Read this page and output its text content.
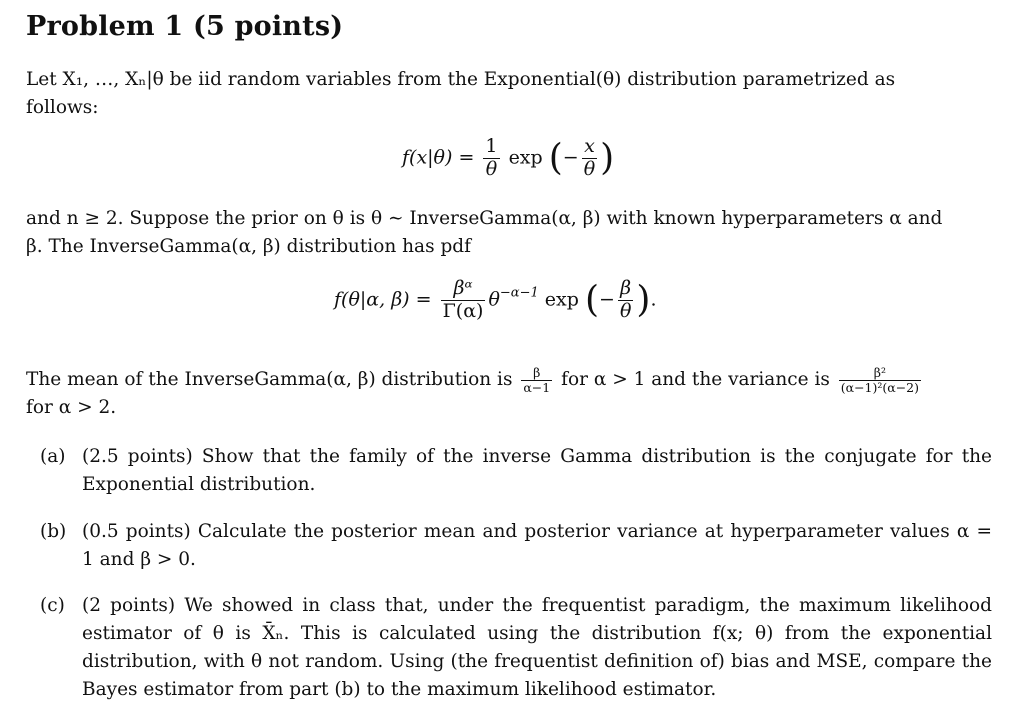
Problem 1 (5 points)
Let X₁, …, Xₙ|θ be iid random variables from the Exponential(θ) distribution parametrized as
follows:
$f(x|\theta) = \frac{1}{\theta}$ exp (− $\frac{x}{\theta}$ )
and n ≥ 2. Suppose the prior on θ is θ ∼ InverseGamma(α, β) with known hyperparameters α and
β. The InverseGamma(α, β) distribution has pdf
f(θ|α, $\beta) = \frac{\text{βᵅ}}{\Gamma(\alpha)} \theta^{-\alpha-1}$ exp (− $\frac{\beta}{\theta}$ ).
The mean of the InverseGamma(α, β) distribution is $\frac{\beta}{\alpha-1}$ for α > 1 and the variance is $\frac{\text{β²}}{\text{(α−1)²(α−2)}}$

for α > 2.
(a) (2.5 points) Show that the family of the inverse Gamma distribution is the conjugate for the Exponential distribution.
(b) (0.5 points) Calculate the posterior mean and posterior variance at hyperparameter values α = 1 and β > 0.
(c) (2 points) We showed in class that, under the frequentist paradigm, the maximum likelihood estimator of θ is X̄ₙ. This is calculated using the distribution f(x; θ) from the exponential distribution, with θ not random. Using (the frequentist definition of) bias and MSE, compare the Bayes estimator from part (b) to the maximum likelihood estimator.
